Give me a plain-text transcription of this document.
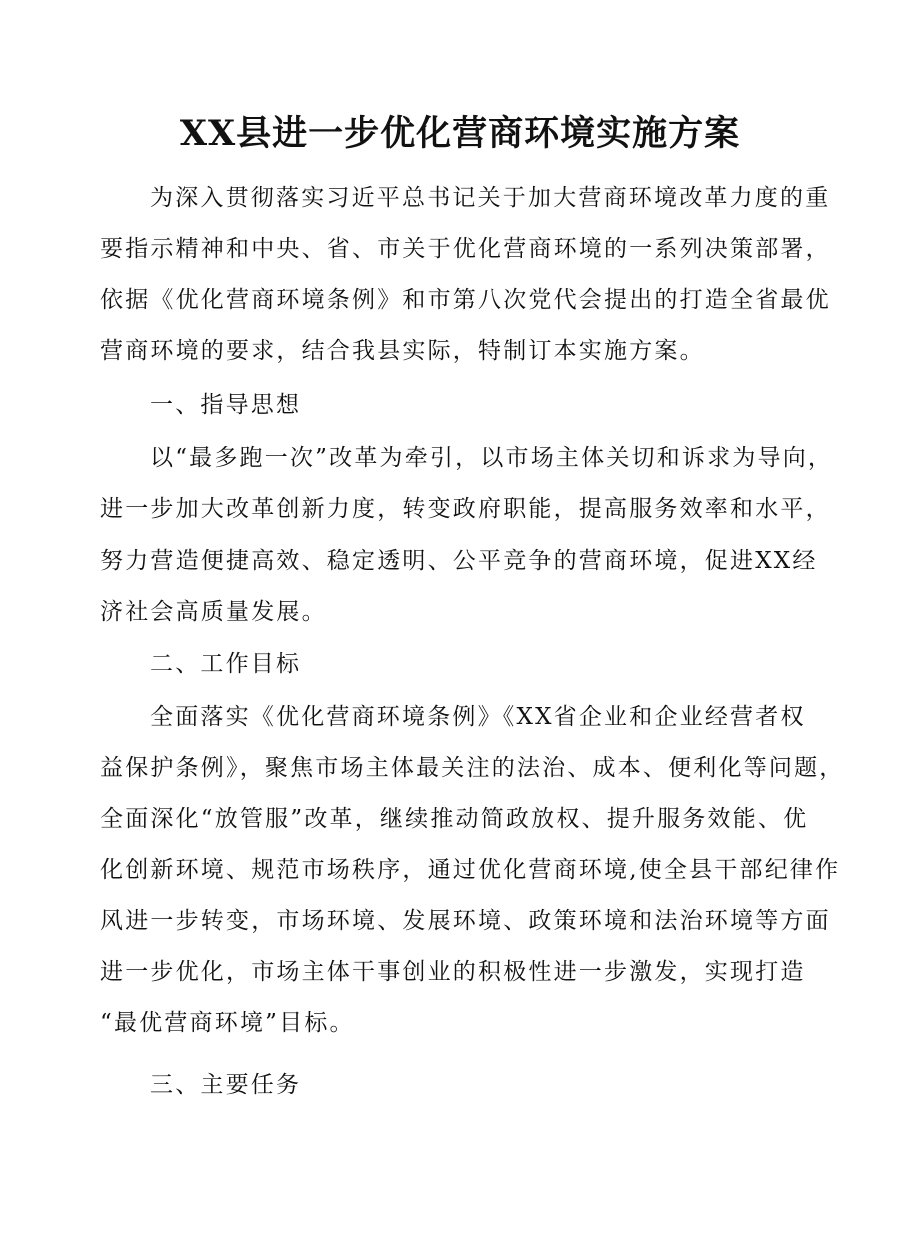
XX县进一步优化营商环境实施方案
为深入贯彻落实习近平总书记关于加大营商环境改革力度的重
要指示精神和中央、省、市关于优化营商环境的一系列决策部署，
依据《优化营商环境条例》和市第八次党代会提出的打造全省最优
营商环境的要求，结合我县实际，特制订本实施方案。
一、指导思想
以“最多跑一次”改革为牵引，以市场主体关切和诉求为导向，
进一步加大改革创新力度，转变政府职能，提高服务效率和水平，
努力营造便捷高效、稳定透明、公平竞争的营商环境，促进XX经
济社会高质量发展。
二、工作目标
全面落实《优化营商环境条例》《XX省企业和企业经营者权
益保护条例》，聚焦市场主体最关注的法治、成本、便利化等问题，
全面深化“放管服”改革，继续推动简政放权、提升服务效能、优
化创新环境、规范市场秩序，通过优化营商环境,使全县干部纪律作
风进一步转变，市场环境、发展环境、政策环境和法治环境等方面
进一步优化，市场主体干事创业的积极性进一步激发，实现打造
“最优营商环境”目标。
三、主要任务
